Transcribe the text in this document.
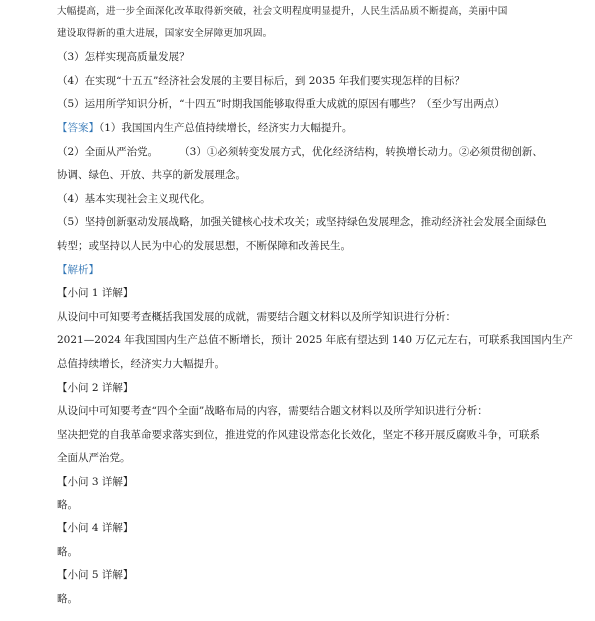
大幅提高，进一步全面深化改革取得新突破，社会文明程度明显提升，人民生活品质不断提高，美丽中国
建设取得新的重大进展，国家安全屏障更加巩固。
（3）怎样实现高质量发展？
（4）在实现“十五五”经济社会发展的主要目标后，到 2035 年我们要实现怎样的目标？
（5）运用所学知识分析，“十四五”时期我国能够取得重大成就的原因有哪些？（至少写出两点）
【答案】（1）我国国内生产总值持续增长，经济实力大幅提升。
（2）全面从严治党。　　　（3）①必须转变发展方式，优化经济结构，转换增长动力。②必须贯彻创新、
协调、绿色、开放、共享的新发展理念。
（4）基本实现社会主义现代化。
（5）坚持创新驱动发展战略，加强关键核心技术攻关；或坚持绿色发展理念，推动经济社会发展全面绿色
转型；或坚持以人民为中心的发展思想，不断保障和改善民生。
【解析】
【小问 1 详解】
从设问中可知要考查概括我国发展的成就，需要结合题文材料以及所学知识进行分析：
2021—2024 年我国国内生产总值不断增长，预计 2025 年底有望达到 140 万亿元左右，可联系我国国内生产
总值持续增长，经济实力大幅提升。
【小问 2 详解】
从设问中可知要考查“四个全面”战略布局的内容，需要结合题文材料以及所学知识进行分析：
坚决把党的自我革命要求落实到位，推进党的作风建设常态化长效化，坚定不移开展反腐败斗争，可联系
全面从严治党。
【小问 3 详解】
略。
【小问 4 详解】
略。
【小问 5 详解】
略。
